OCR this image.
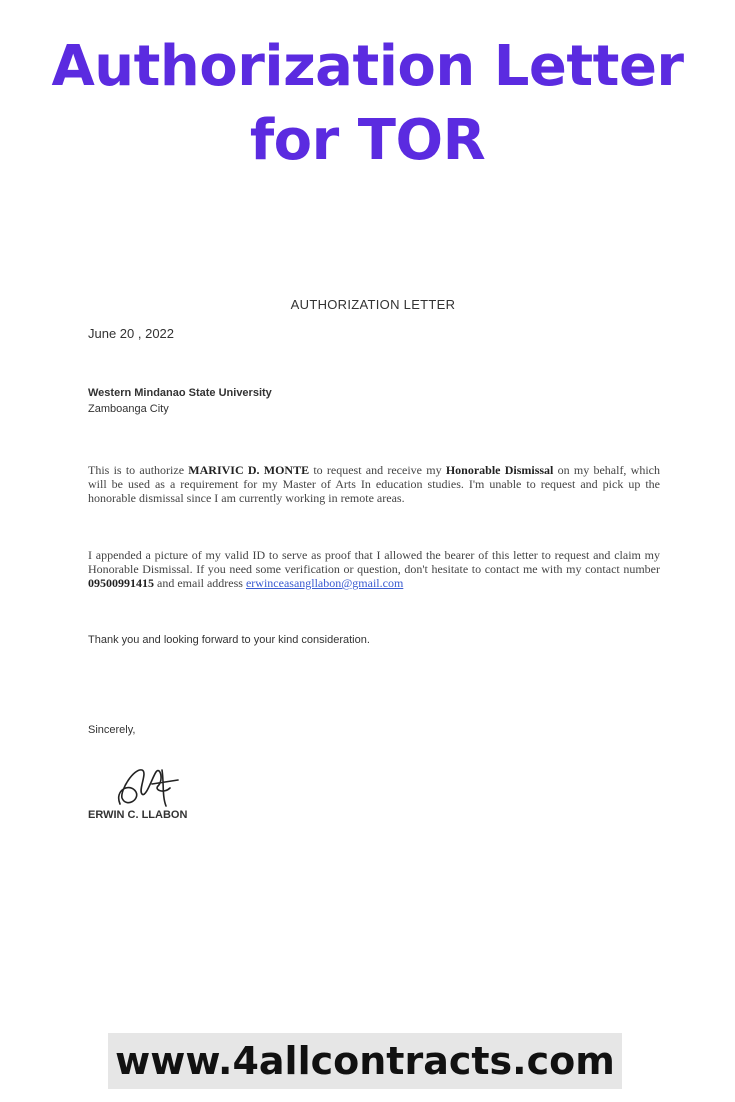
Authorization Letter
for TOR
AUTHORIZATION LETTER
June 20 , 2022
Western Mindanao State University
Zamboanga City
This is to authorize MARIVIC D. MONTE to request and receive my Honorable Dismissal on my behalf, which will be used as a requirement for my Master of Arts In education studies. I'm unable to request and pick up the honorable dismissal since I am currently working in remote areas.
I appended a picture of my valid ID to serve as proof that I allowed the bearer of this letter to request and claim my Honorable Dismissal. If you need some verification or question, don't hesitate to contact me with my contact number 09500991415 and email address erwinceasangllabon@gmail.com
Thank you and looking forward to your kind consideration.
Sincerely,
ERWIN C. LLABON
www.4allcontracts.com
